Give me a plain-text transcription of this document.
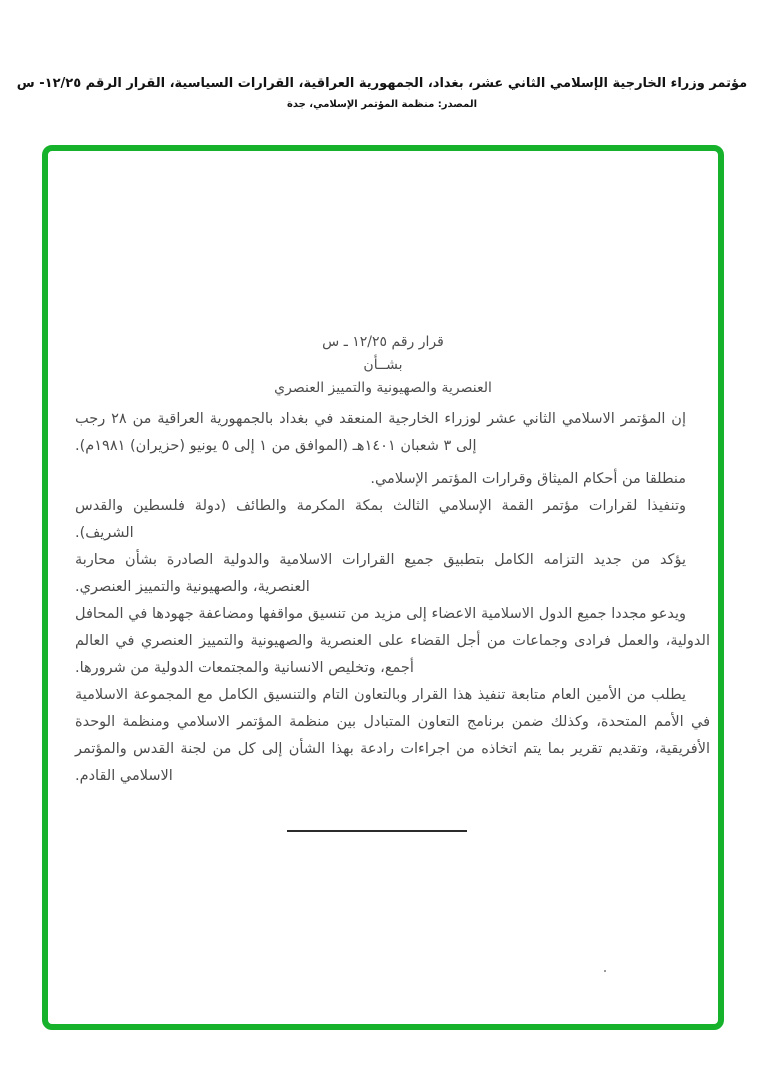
مؤتمر وزراء الخارجية الإسلامي الثاني عشر، بغداد، الجمهورية العراقية، القرارات السياسية، القرار الرقم ١٢/٢٥- س
المصدر: منظمة المؤتمر الإسلامي، جدة
قرار رقم ١٢/٢٥ ـ س
بشــأن
العنصرية والصهيونية والتمييز العنصري

إن المؤتمر الاسلامي الثاني عشر لوزراء الخارجية المنعقد في بغداد بالجمهورية العراقية من ٢٨ رجب إلى ٣ شعبان ١٤٠١هـ (الموافق من ١ إلى ٥ يونيو (حزيران) ١٩٨١م).

منطلقا من أحكام الميثاق وقرارات المؤتمر الإسلامي.

وتنفيذا لقرارات مؤتمر القمة الإسلامي الثالث بمكة المكرمة والطائف (دولة فلسطين والقدس الشريف).

يؤكد من جديد التزامه الكامل بتطبيق جميع القرارات الاسلامية والدولية الصادرة بشأن محاربة العنصرية، والصهيونية والتمييز العنصري.

ويدعو مجددا جميع الدول الاسلامية الاعضاء إلى مزيد من تنسيق مواقفها ومضاعفة جهودها في المحافل الدولية، والعمل فرادى وجماعات من أجل القضاء على العنصرية والصهيونية والتمييز العنصري في العالم أجمع، وتخليص الانسانية والمجتمعات الدولية من شرورها.

يطلب من الأمين العام متابعة تنفيذ هذا القرار وبالتعاون التام والتنسيق الكامل مع المجموعة الاسلامية في الأمم المتحدة، وكذلك ضمن برنامج التعاون المتبادل بين منظمة المؤتمر الاسلامي ومنظمة الوحدة الأفريقية، وتقديم تقرير بما يتم اتخاذه من اجراءات رادعة بهذا الشأن إلى كل من لجنة القدس والمؤتمر الاسلامي القادم.
